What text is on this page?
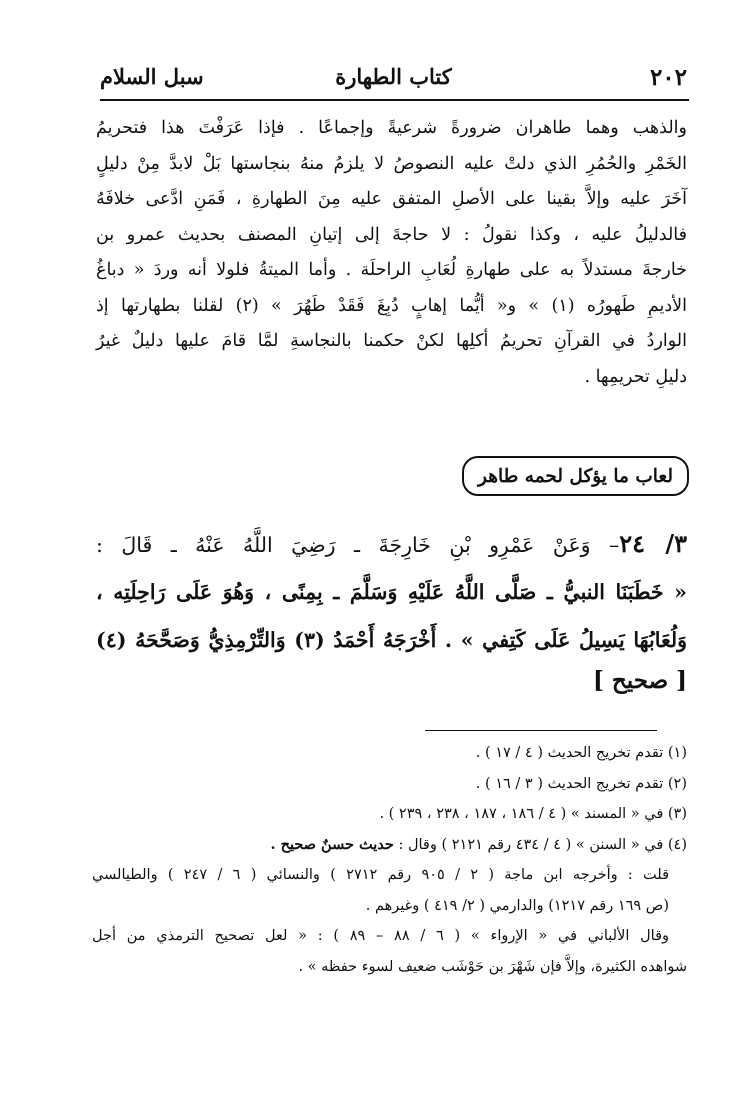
٢٠٢
كتاب الطهارة
سبل السلام
والذهب وهما طاهران ضرورةً شرعيةً وإجماعًا . فإذا عَرَفْتَ هذا فتحريمُ
الخَمْرِ والحُمُرِ الذي دلتْ عليه النصوصُ لا يلزمُ منهُ بنجاستها بَلْ لابدَّ مِنْ دليلٍ
آخَرَ عليه وإلاَّ بقينا على الأصلِ المتفق عليه مِنَ الطهارةِ ، فَمَنِ ادَّعى خلافَهُ
فالدليلُ عليه ، وكذا نقولُ : لا حاجةَ إلى إتيانِ المصنف بحديث عمرو بن
خارجةَ مستدلاً به على طهارةِ لُعَابِ الراحلَة . وأما الميتةُ فلولا أنه وردَ « دباغُ
الأديمِ طَهورُه (١) » و« أيُّما إهابٍ دُبِغَ فَقَدْ طَهُرَ » (٢) لقلنا بطهارتها إذ
الواردُ في القرآنِ تحريمُ أكلِها لكنْ حكمنا بالنجاسةِ لمَّا قامَ عليها دليلٌ غيرُ
دليلِ تحريمِها .
لعاب ما يؤكل لحمه طاهر
٣/ ٢٤– وَعَنْ عَمْرِو بْنِ خَارِجَةَ ـ رَضِيَ اللَّهُ عَنْهُ ـ قَالَ :
« خَطَبَنَا النبيُّ ـ صَلَّى اللَّهُ عَلَيْهِ وَسَلَّمَ ـ بِمِنًى ، وَهُوَ عَلَى رَاحِلَتِه ،
وَلُعَابُهَا يَسِيلُ عَلَى كَتِفي » . أَخْرَجَهُ أَحْمَدُ (٣) وَالتِّرْمِذِيُّ وَصَحَّحَهُ (٤)
[ صحيح ]
(١) تقدم تخريج الحديث ( ٤ / ١٧ ) .
(٢) تقدم تخريج الحديث ( ٣ / ١٦ ) .
(٣) في « المسند » ( ٤ / ١٨٦ ، ١٨٧ ، ٢٣٨ ، ٢٣٩ ) .
(٤) في « السنن » ( ٤ / ٤٣٤ رقم ٢١٢١ ) وقال : حديث حسنٌ صحيح .
قلت : وأخرجه ابن ماجة ( ٢ / ٩٠٥ رقم ٢٧١٢ ) والنسائي ( ٦ / ٢٤٧ ) والطيالسي
(ص ١٦٩ رقم ١٢١٧) والدارمي ( ٢/ ٤١٩ ) وغيرهم .
وقال الألباني في « الإرواء » ( ٦ / ٨٨ – ٨٩ ) : « لعل تصحيح الترمذي من أجل
شواهده الكثيرة، وإلاَّ فإن شَهْرَ بن حَوْشَب ضعيف لسوء حفظه » .
